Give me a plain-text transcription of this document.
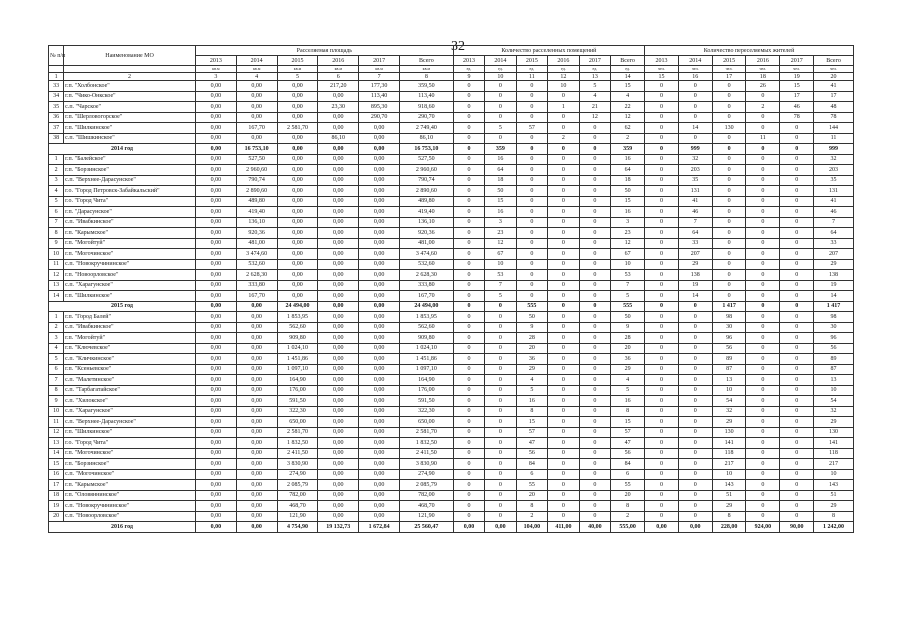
32
№ п/п	Наименование МО	Расселяемая площадь						Количество расселенных помещений						Количество переселяемых жителей					
		2013	2014	2015	2016	2017	Всего	2013	2014	2015	2016	2017	Всего	2013	2014	2015	2016	2017	Всего
		кв.м	кв.м	кв.м	кв.м	кв.м	кв.м	ед.	ед.	ед.	ед.	ед.	ед.	чел.	чел.	чел.	чел.	чел.	чел.
1	2	3	4	5	6	7	8	9	10	11	12	13	14	15	16	17	18	19	20
33	г.п. "Холбонское"	0,00	0,00	0,00	217,20	177,30	359,50	0	0	0	10	5	15	0	0	0	26	15	41
34	г.п. "Чико-Онкское"	0,00	0,00	0,00	0,00	113,40	113,40	0	0	0	0	4	4	0	0	0	0	17	17
35	с.п. "Чарское"	0,00	0,00	0,00	23,30	895,30	918,60	0	0	0	1	21	22	0	0	0	2	46	48
36	г.п. "Шерловогорское"	0,00	0,00	0,00	0,00	290,70	290,70	0	0	0	0	12	12	0	0	0	0	78	78
37	г.п. "Шилкинское"	0,00	167,70	2 581,70	0,00	0,00	2 749,40	0	5	57	0	0	62	0	14	130	0	0	144
38	с.п. "Шишкинское"	0,00	0,00	0,00	86,10	0,00	86,10	0	0	0	2	0	2	0	0	0	11	0	11
2014 год		0,00	16 753,10	0,00	0,00	0,00	16 753,10	0	359	0	0	0	359	0	999	0	0	0	999
1	г.п. "Балейское"	0,00	527,50	0,00	0,00	0,00	527,50	0	16	0	0	0	16	0	32	0	0	0	32
2	г.п. "Борзинское"	0,00	2 960,60	0,00	0,00	0,00	2 960,60	0	64	0	0	0	64	0	203	0	0	0	203
3	с.п. "Верхнее-Дарасунское"	0,00	790,74	0,00	0,00	0,00	790,74	0	18	0	0	0	18	0	35	0	0	0	35
4	г.о. "Город Петровск-Забайкальский"	0,00	2 890,60	0,00	0,00	0,00	2 890,60	0	50	0	0	0	50	0	131	0	0	0	131
5	г.о. "Город Чита"	0,00	489,80	0,00	0,00	0,00	489,80	0	15	0	0	0	15	0	41	0	0	0	41
6	г.п. "Дарасунское"	0,00	419,40	0,00	0,00	0,00	419,40	0	16	0	0	0	16	0	46	0	0	0	46
7	с.п. "Ивабкинское"	0,00	136,10	0,00	0,00	0,00	136,10	0	3	0	0	0	3	0	7	0	0	0	7
8	г.п. "Карымское"	0,00	920,36	0,00	0,00	0,00	920,36	0	23	0	0	0	23	0	64	0	0	0	64
9	г.п. "Могойтуй"	0,00	481,00	0,00	0,00	0,00	481,00	0	12	0	0	0	12	0	33	0	0	0	33
10	г.п. "Могочинское"	0,00	3 474,60	0,00	0,00	0,00	3 474,60	0	67	0	0	0	67	0	207	0	0	0	207
11	с.п. "Новокручининское"	0,00	532,60	0,00	0,00	0,00	532,60	0	10	0	0	0	10	0	29	0	0	0	29
12	г.п. "Новоорловское"	0,00	2 628,30	0,00	0,00	0,00	2 628,30	0	53	0	0	0	53	0	138	0	0	0	138
13	с.п. "Харагунское"	0,00	333,80	0,00	0,00	0,00	333,80	0	7	0	0	0	7	0	19	0	0	0	19
14	г.п. "Шилкинское"	0,00	167,70	0,00	0,00	0,00	167,70	0	5	0	0	0	5	0	14	0	0	0	14
2015 год		0,00	0,00	24 494,00	0,00	0,00	24 494,00	0	0	555	0	0	555	0	0	1 417	0	0	1 417
1	г.п. "Город Балей"	0,00	0,00	1 853,95	0,00	0,00	1 853,95	0	0	50	0	0	50	0	0	98	0	0	98
2	с.п. "Ивабкинское"	0,00	0,00	562,60	0,00	0,00	562,60	0	0	9	0	0	9	0	0	30	0	0	30
3	г.п. "Могойтуй"	0,00	0,00	909,80	0,00	0,00	909,80	0	0	28	0	0	28	0	0	96	0	0	96
4	г.п. "Ключевское"	0,00	0,00	1 024,10	0,00	0,00	1 024,10	0	0	20	0	0	20	0	0	56	0	0	56
5	с.п. "Кличкинское"	0,00	0,00	1 451,86	0,00	0,00	1 451,86	0	0	36	0	0	36	0	0	89	0	0	89
6	г.п. "Ксеньевское"	0,00	0,00	1 097,10	0,00	0,00	1 097,10	0	0	29	0	0	29	0	0	87	0	0	87
7	с.п. "Малетинское"	0,00	0,00	164,90	0,00	0,00	164,90	0	0	4	0	0	4	0	0	13	0	0	13
8	с.п. "Тарбагатайское"	0,00	0,00	176,00	0,00	0,00	176,00	0	0	5	0	0	5	0	0	10	0	0	10
9	с.п. "Хилокское"	0,00	0,00	591,50	0,00	0,00	591,50	0	0	16	0	0	16	0	0	54	0	0	54
10	с.п. "Харагунское"	0,00	0,00	322,30	0,00	0,00	322,30	0	0	8	0	0	8	0	0	32	0	0	32
11	с.п. "Верхнее-Дарасунское"	0,00	0,00	650,00	0,00	0,00	650,00	0	0	15	0	0	15	0	0	29	0	0	29
12	г.п. "Шилкинское"	0,00	0,00	2 581,70	0,00	0,00	2 581,70	0	0	57	0	0	57	0	0	130	0	0	130
13	г.о. "Город Чита"	0,00	0,00	1 832,50	0,00	0,00	1 832,50	0	0	47	0	0	47	0	0	141	0	0	141
14	г.п. "Могочинское"	0,00	0,00	2 411,50	0,00	0,00	2 411,50	0	0	56	0	0	56	0	0	118	0	0	118
15	г.п. "Борзинское"	0,00	0,00	3 830,90	0,00	0,00	3 830,90	0	0	84	0	0	84	0	0	217	0	0	217
16	с.п. "Могочинское"	0,00	0,00	274,90	0,00	0,00	274,90	0	0	6	0	0	6	0	0	10	0	0	10
17	г.п. "Карымское"	0,00	0,00	2 085,79	0,00	0,00	2 085,79	0	0	55	0	0	55	0	0	143	0	0	143
18	г.п. "Оловяннинское"	0,00	0,00	782,00	0,00	0,00	782,00	0	0	20	0	0	20	0	0	51	0	0	51
19	с.п. "Новокручининское"	0,00	0,00	468,70	0,00	0,00	468,70	0	0	8	0	0	8	0	0	29	0	0	29
20	с.п. "Новоорловское"	0,00	0,00	121,90	0,00	0,00	121,90	0	0	2	0	0	2	0	0	8	0	0	8
2016 год		0,00	0,00	4 754,90	19 132,73	1 672,84	25 560,47	0,00	0,00	104,00	411,00	40,00	555,00	0,00	0,00	228,00	924,00	90,00	1 242,00
